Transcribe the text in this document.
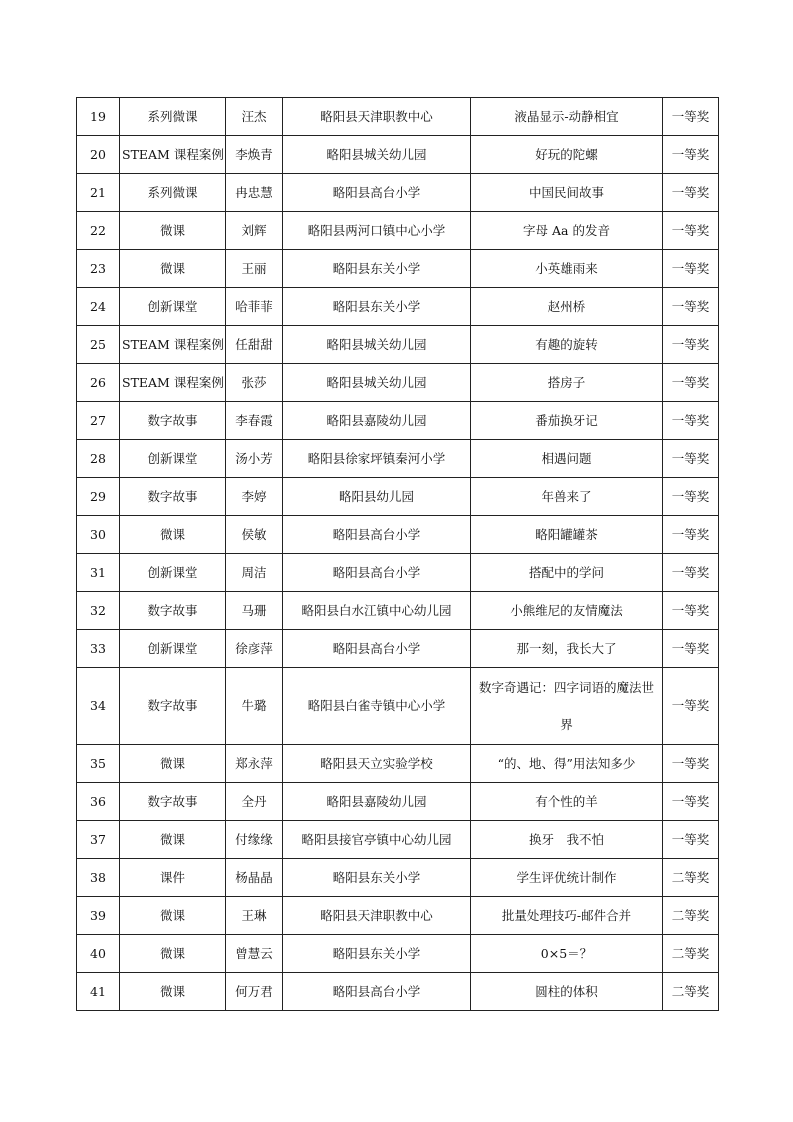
19	系列微课	汪杰	略阳县天津职教中心	液晶显示-动静相宜	一等奖
20	STEAM 课程案例	李焕青	略阳县城关幼儿园	好玩的陀螺	一等奖
21	系列微课	冉忠慧	略阳县高台小学	中国民间故事	一等奖
22	微课	刘辉	略阳县两河口镇中心小学	字母 Aa 的发音	一等奖
23	微课	王丽	略阳县东关小学	小英雄雨来	一等奖
24	创新课堂	哈菲菲	略阳县东关小学	赵州桥	一等奖
25	STEAM 课程案例	任甜甜	略阳县城关幼儿园	有趣的旋转	一等奖
26	STEAM 课程案例	张莎	略阳县城关幼儿园	搭房子	一等奖
27	数字故事	李春霞	略阳县嘉陵幼儿园	番茄换牙记	一等奖
28	创新课堂	汤小芳	略阳县徐家坪镇秦河小学	相遇问题	一等奖
29	数字故事	李婷	略阳县幼儿园	年兽来了	一等奖
30	微课	侯敏	略阳县高台小学	略阳罐罐茶	一等奖
31	创新课堂	周洁	略阳县高台小学	搭配中的学问	一等奖
32	数字故事	马珊	略阳县白水江镇中心幼儿园	小熊维尼的友情魔法	一等奖
33	创新课堂	徐彦萍	略阳县高台小学	那一刻，我长大了	一等奖
34	数字故事	牛璐	略阳县白雀寺镇中心小学	数字奇遇记：四字词语的魔法世界	一等奖
35	微课	郑永萍	略阳县天立实验学校	“的、地、得”用法知多少	一等奖
36	数字故事	全丹	略阳县嘉陵幼儿园	有个性的羊	一等奖
37	微课	付缘缘	略阳县接官亭镇中心幼儿园	换牙　我不怕	一等奖
38	课件	杨晶晶	略阳县东关小学	学生评优统计制作	二等奖
39	微课	王琳	略阳县天津职教中心	批量处理技巧-邮件合并	二等奖
40	微课	曾慧云	略阳县东关小学	0×5＝？	二等奖
41	微课	何万君	略阳县高台小学	圆柱的体积	二等奖
